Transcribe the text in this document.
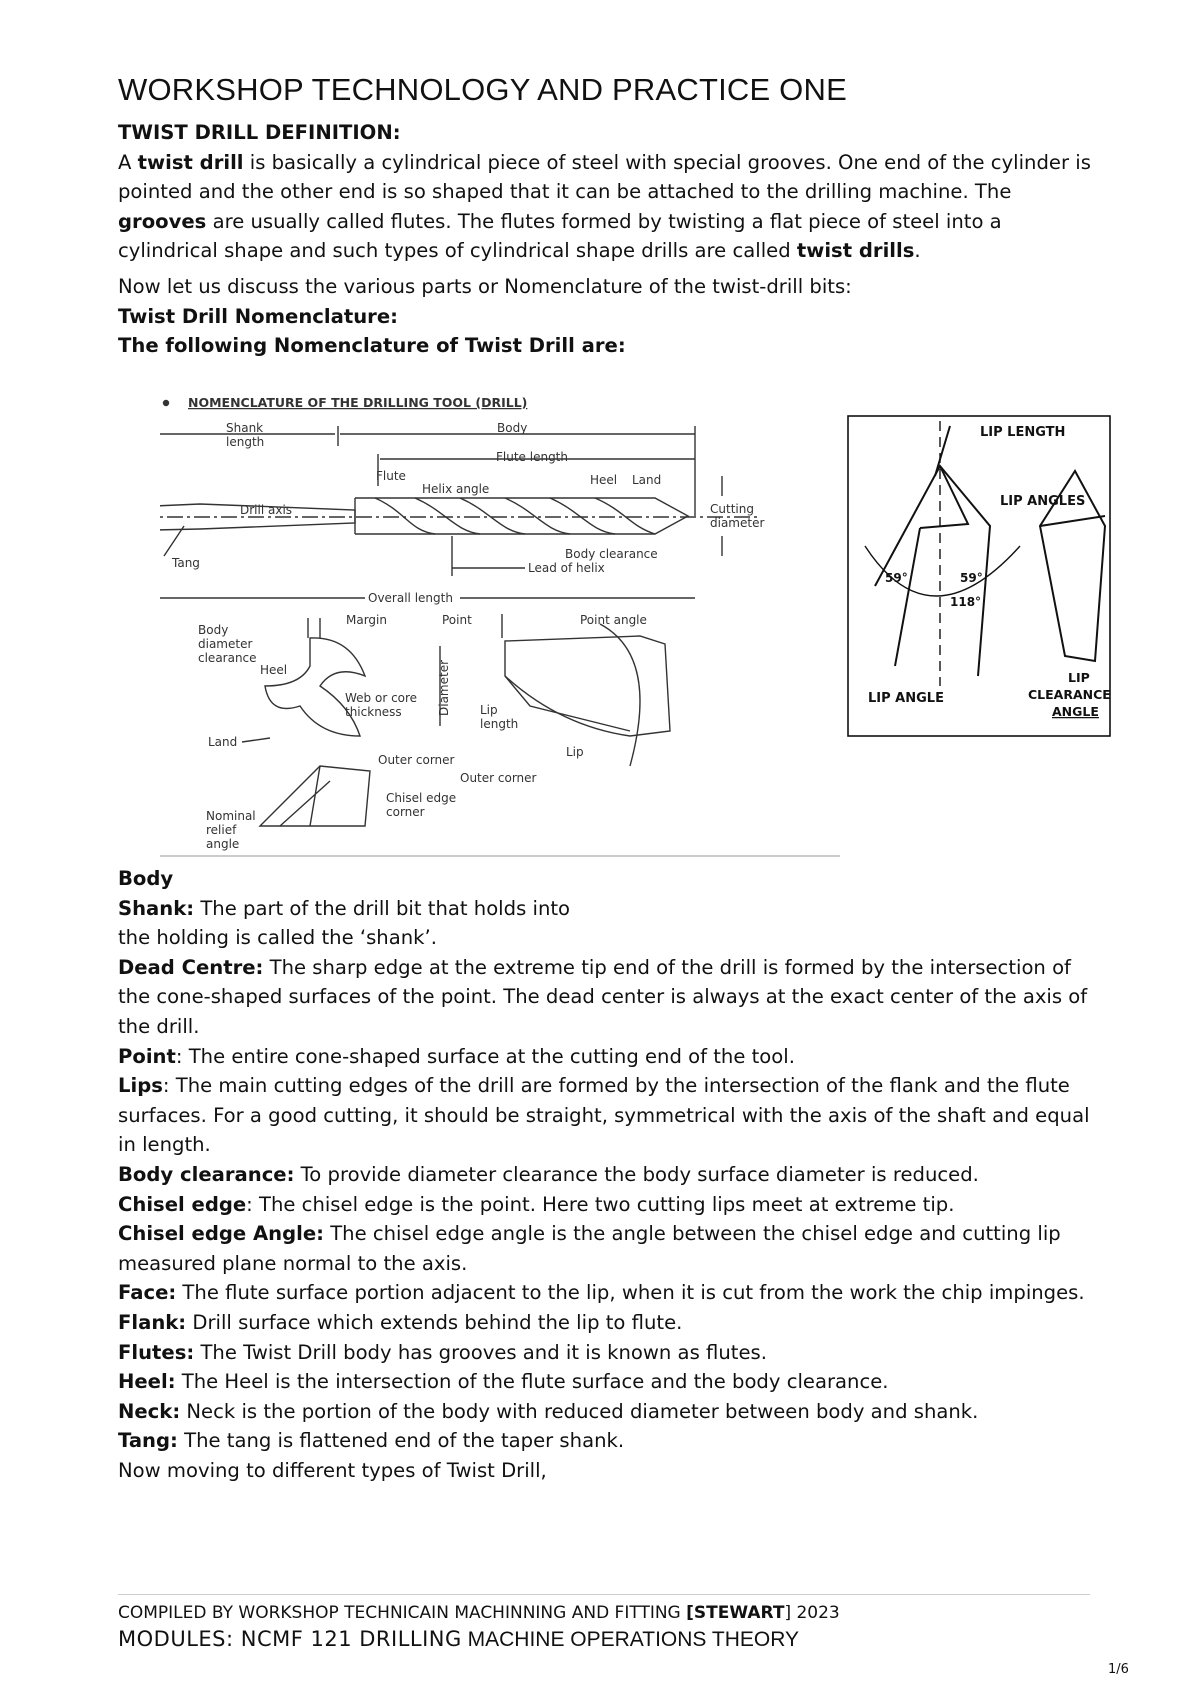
WORKSHOP TECHNOLOGY AND PRACTICE ONE

TWIST DRILL DEFINITION:

A twist drill is basically a cylindrical piece of steel with special grooves. One end of the cylinder is pointed and the other end is so shaped that it can be attached to the drilling machine. The grooves are usually called flutes. The flutes formed by twisting a flat piece of steel into a cylindrical shape and such types of cylindrical shape drills are called twist drills.

Now let us discuss the various parts or Nomenclature of the twist-drill bits:

Twist Drill Nomenclature:

The following Nomenclature of Twist Drill are:

NOMENCLATURE OF THE DRILLING TOOL (DRILL)
Shank
length
Body
Flute length
Flute
Helix angle
Heel Land
Drill axis	Cutting
diameter
Tang
Body clearance
Lead of helix
Overall length
Margin
Body
diameter
clearance
Heel
Web or core
thickness	Diameter
Land
Outer corner
Point	Point angle
Lip
length
Lip
Outer corner
Chisel edge
corner
Nominal
relief
angle
LIP LENGTH
LIP ANGLES
59°	59°
118°
LIP ANGLE
LIP
CLEARANCE
ANGLE

Body

Shank: The part of the drill bit that holds into

the holding is called the ‘shank’.

Dead Centre: The sharp edge at the extreme tip end of the drill is formed by the intersection of the cone-shaped surfaces of the point. The dead center is always at the exact center of the axis of the drill.

Point: The entire cone-shaped surface at the cutting end of the tool.

Lips: The main cutting edges of the drill are formed by the intersection of the flank and the flute surfaces. For a good cutting, it should be straight, symmetrical with the axis of the shaft and equal in length.

Body clearance: To provide diameter clearance the body surface diameter is reduced.

Chisel edge: The chisel edge is the point. Here two cutting lips meet at extreme tip.

Chisel edge Angle: The chisel edge angle is the angle between the chisel edge and cutting lip measured plane normal to the axis.

Face: The flute surface portion adjacent to the lip, when it is cut from the work the chip impinges.

Flank: Drill surface which extends behind the lip to flute.

Flutes: The Twist Drill body has grooves and it is known as flutes.

Heel: The Heel is the intersection of the flute surface and the body clearance.

Neck: Neck is the portion of the body with reduced diameter between body and shank.

Tang: The tang is flattened end of the taper shank.

Now moving to different types of Twist Drill,

COMPILED BY WORKSHOP TECHNICAIN MACHINNING AND FITTING [STEWART] 2023
MODULES: NCMF 121 DRILLING MACHINE OPERATIONS THEORY
1/6
